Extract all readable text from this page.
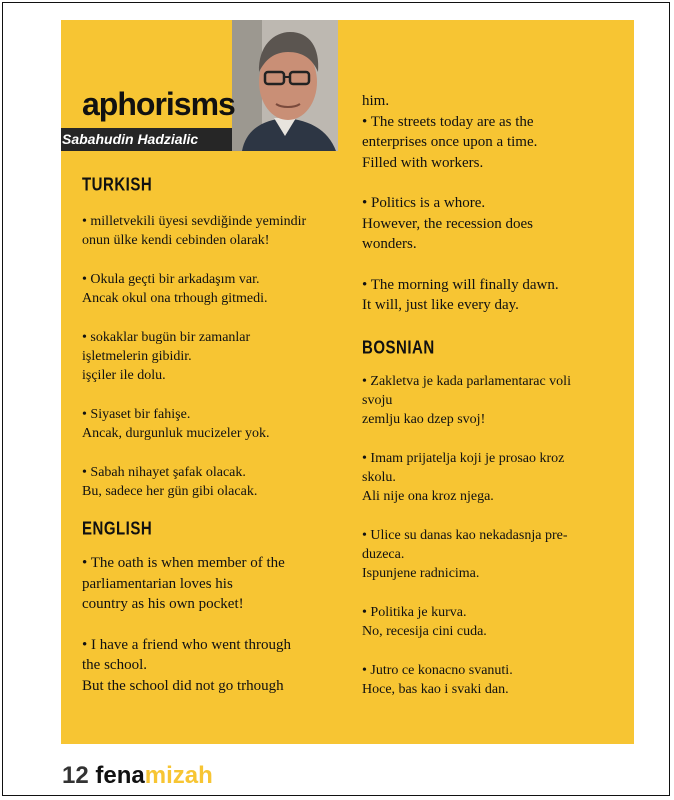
aphorisms
Sabahudin Hadzialic
TURKISH

• milletvekili üyesi sevdiğinde yemindir
onun ülke kendi cebinden olarak!

• Okula geçti bir arkadaşım var.
Ancak okul ona trhough gitmedi.

• sokaklar bugün bir zamanlar
işletmelerin gibidir.
işçiler ile dolu.

• Siyaset bir fahişe.
Ancak, durgunluk mucizeler yok.

• Sabah nihayet şafak olacak.
Bu, sadece her gün gibi olacak.

ENGLISH

• The oath is when member of the
parliamentarian loves his
country as his own pocket!

• I have a friend who went through
the school.
But the school did not go trhough

him.
• The streets today are as the
enterprises once upon a time.
Filled with workers.

• Politics is a whore.
However, the recession does
wonders.

• The morning will finally dawn.
It will, just like every day.

BOSNIAN

• Zakletva je kada parlamentarac voli
svoju
zemlju kao dzep svoj!

• Imam prijatelja koji je prosao kroz
skolu.
Ali nije ona kroz njega.

• Ulice su danas kao nekadasnja pre-
duzeca.
Ispunjene radnicima.

• Politika je kurva.
No, recesija cini cuda.

• Jutro ce konacno svanuti.
Hoce, bas kao i svaki dan.

12 fenamizah
